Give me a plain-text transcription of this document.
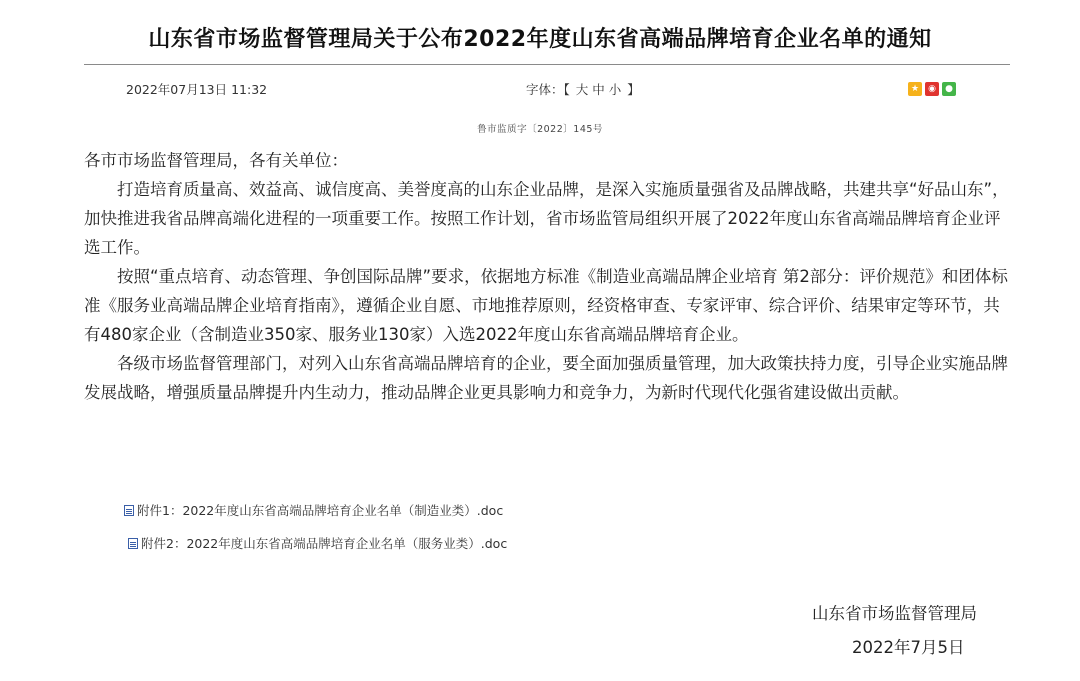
山东省市场监督管理局关于公布2022年度山东省高端品牌培育企业名单的通知
2022年07月13日 11:32	字体：【 大 中 小 】	★	◉	●
鲁市监质字〔2022〕145号

各市市场监督管理局，各有关单位：

打造培育质量高、效益高、诚信度高、美誉度高的山东企业品牌，是深入实施质量强省及品牌战略，共建共享“好品山东”，加快推进我省品牌高端化进程的一项重要工作。按照工作计划，省市场监管局组织开展了2022年度山东省高端品牌培育企业评选工作。

按照“重点培育、动态管理、争创国际品牌”要求，依据地方标准《制造业高端品牌企业培育 第2部分：评价规范》和团体标准《服务业高端品牌企业培育指南》，遵循企业自愿、市地推荐原则，经资格审查、专家评审、综合评价、结果审定等环节，共有480家企业（含制造业350家、服务业130家）入选2022年度山东省高端品牌培育企业。

各级市场监督管理部门，对列入山东省高端品牌培育的企业，要全面加强质量管理，加大政策扶持力度，引导企业实施品牌发展战略，增强质量品牌提升内生动力，推动品牌企业更具影响力和竞争力，为新时代现代化强省建设做出贡献。

附件1：2022年度山东省高端品牌培育企业名单（制造业类）.doc
附件2：2022年度山东省高端品牌培育企业名单（服务业类）.doc
山东省市场监督管理局
2022年7月5日
